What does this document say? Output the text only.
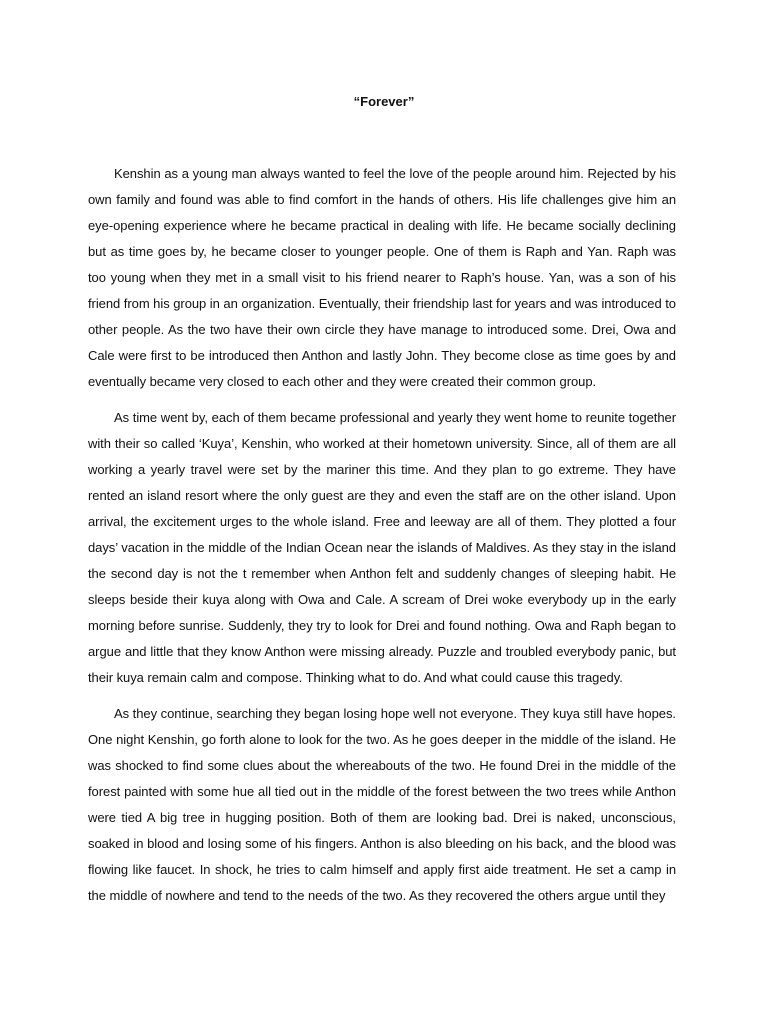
“Forever”

Kenshin as a young man always wanted to feel the love of the people around him. Rejected by his own family and found was able to find comfort in the hands of others. His life challenges give him an eye-opening experience where he became practical in dealing with life. He became socially declining but as time goes by, he became closer to younger people. One of them is Raph and Yan. Raph was too young when they met in a small visit to his friend nearer to Raph’s house. Yan, was a son of his friend from his group in an organization. Eventually, their friendship last for years and was introduced to other people. As the two have their own circle they have manage to introduced some. Drei, Owa and Cale were first to be introduced then Anthon and lastly John. They become close as time goes by and eventually became very closed to each other and they were created their common group.

As time went by, each of them became professional and yearly they went home to reunite together with their so called ‘Kuya’, Kenshin, who worked at their hometown university. Since, all of them are all working a yearly travel were set by the mariner this time. And they plan to go extreme. They have rented an island resort where the only guest are they and even the staff are on the other island. Upon arrival, the excitement urges to the whole island. Free and leeway are all of them. They plotted a four days’ vacation in the middle of the Indian Ocean near the islands of Maldives. As they stay in the island the second day is not the t remember when Anthon felt and suddenly changes of sleeping habit. He sleeps beside their kuya along with Owa and Cale. A scream of Drei woke everybody up in the early morning before sunrise. Suddenly, they try to look for Drei and found nothing. Owa and Raph began to argue and little that they know Anthon were missing already. Puzzle and troubled everybody panic, but their kuya remain calm and compose. Thinking what to do. And what could cause this tragedy.

As they continue, searching they began losing hope well not everyone. They kuya still have hopes. One night Kenshin, go forth alone to look for the two. As he goes deeper in the middle of the island. He was shocked to find some clues about the whereabouts of the two. He found Drei in the middle of the forest painted with some hue all tied out in the middle of the forest between the two trees while Anthon were tied A big tree in hugging position. Both of them are looking bad. Drei is naked, unconscious, soaked in blood and losing some of his fingers. Anthon is also bleeding on his back, and the blood was flowing like faucet. In shock, he tries to calm himself and apply first aide treatment. He set a camp in the middle of nowhere and tend to the needs of the two. As they recovered the others argue until they
